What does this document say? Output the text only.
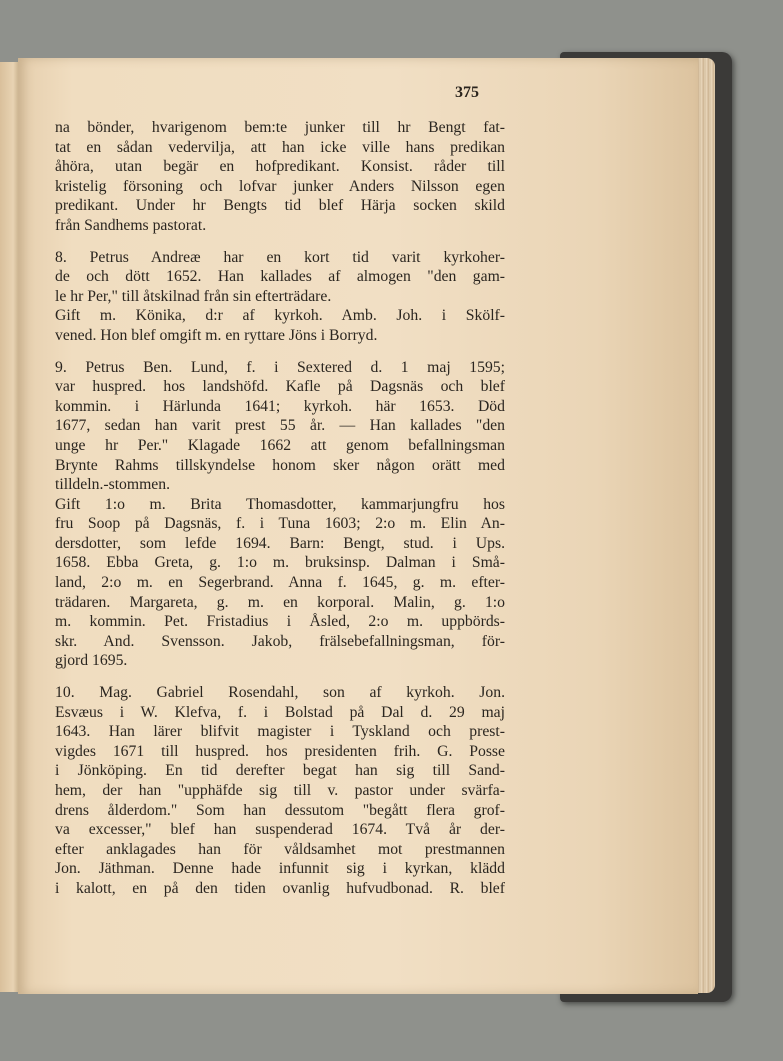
375
na bönder, hvarigenom bem:te junker till hr Bengt fat-
tat en sådan vedervilja, att han icke ville hans predikan
åhöra, utan begär en hofpredikant. Konsist. råder till
kristelig försoning och lofvar junker Anders Nilsson egen
predikant. Under hr Bengts tid blef Härja socken skild
från Sandhems pastorat.
8. Petrus Andreæ har en kort tid varit kyrkoher-
de och dött 1652. Han kallades af almogen "den gam-
le hr Per," till åtskilnad från sin efterträdare.
Gift m. Könika, d:r af kyrkoh. Amb. Joh. i Skölf-
vened. Hon blef omgift m. en ryttare Jöns i Borryd.
9. Petrus Ben. Lund, f. i Sextered d. 1 maj 1595;
var huspred. hos landshöfd. Kafle på Dagsnäs och blef
kommin. i Härlunda 1641; kyrkoh. här 1653. Död
1677, sedan han varit prest 55 år. — Han kallades "den
unge hr Per." Klagade 1662 att genom befallningsman
Brynte Rahms tillskyndelse honom sker någon orätt med
tilldeln.-stommen.
Gift 1:o m. Brita Thomasdotter, kammarjungfru hos
fru Soop på Dagsnäs, f. i Tuna 1603; 2:o m. Elin An-
dersdotter, som lefde 1694. Barn: Bengt, stud. i Ups.
1658. Ebba Greta, g. 1:o m. bruksinsp. Dalman i Små-
land, 2:o m. en Segerbrand. Anna f. 1645, g. m. efter-
trädaren. Margareta, g. m. en korporal. Malin, g. 1:o
m. kommin. Pet. Fristadius i Åsled, 2:o m. uppbörds-
skr. And. Svensson. Jakob, frälsebefallningsman, för-
gjord 1695.
10. Mag. Gabriel Rosendahl, son af kyrkoh. Jon.
Esvæus i W. Klefva, f. i Bolstad på Dal d. 29 maj
1643. Han lärer blifvit magister i Tyskland och prest-
vigdes 1671 till huspred. hos presidenten frih. G. Posse
i Jönköping. En tid derefter begat han sig till Sand-
hem, der han "upphäfde sig till v. pastor under svärfa-
drens ålderdom." Som han dessutom "begått flera grof-
va excesser," blef han suspenderad 1674. Två år der-
efter anklagades han för våldsamhet mot prestmannen
Jon. Jäthman. Denne hade infunnit sig i kyrkan, klädd
i kalott, en på den tiden ovanlig hufvudbonad. R. blef
